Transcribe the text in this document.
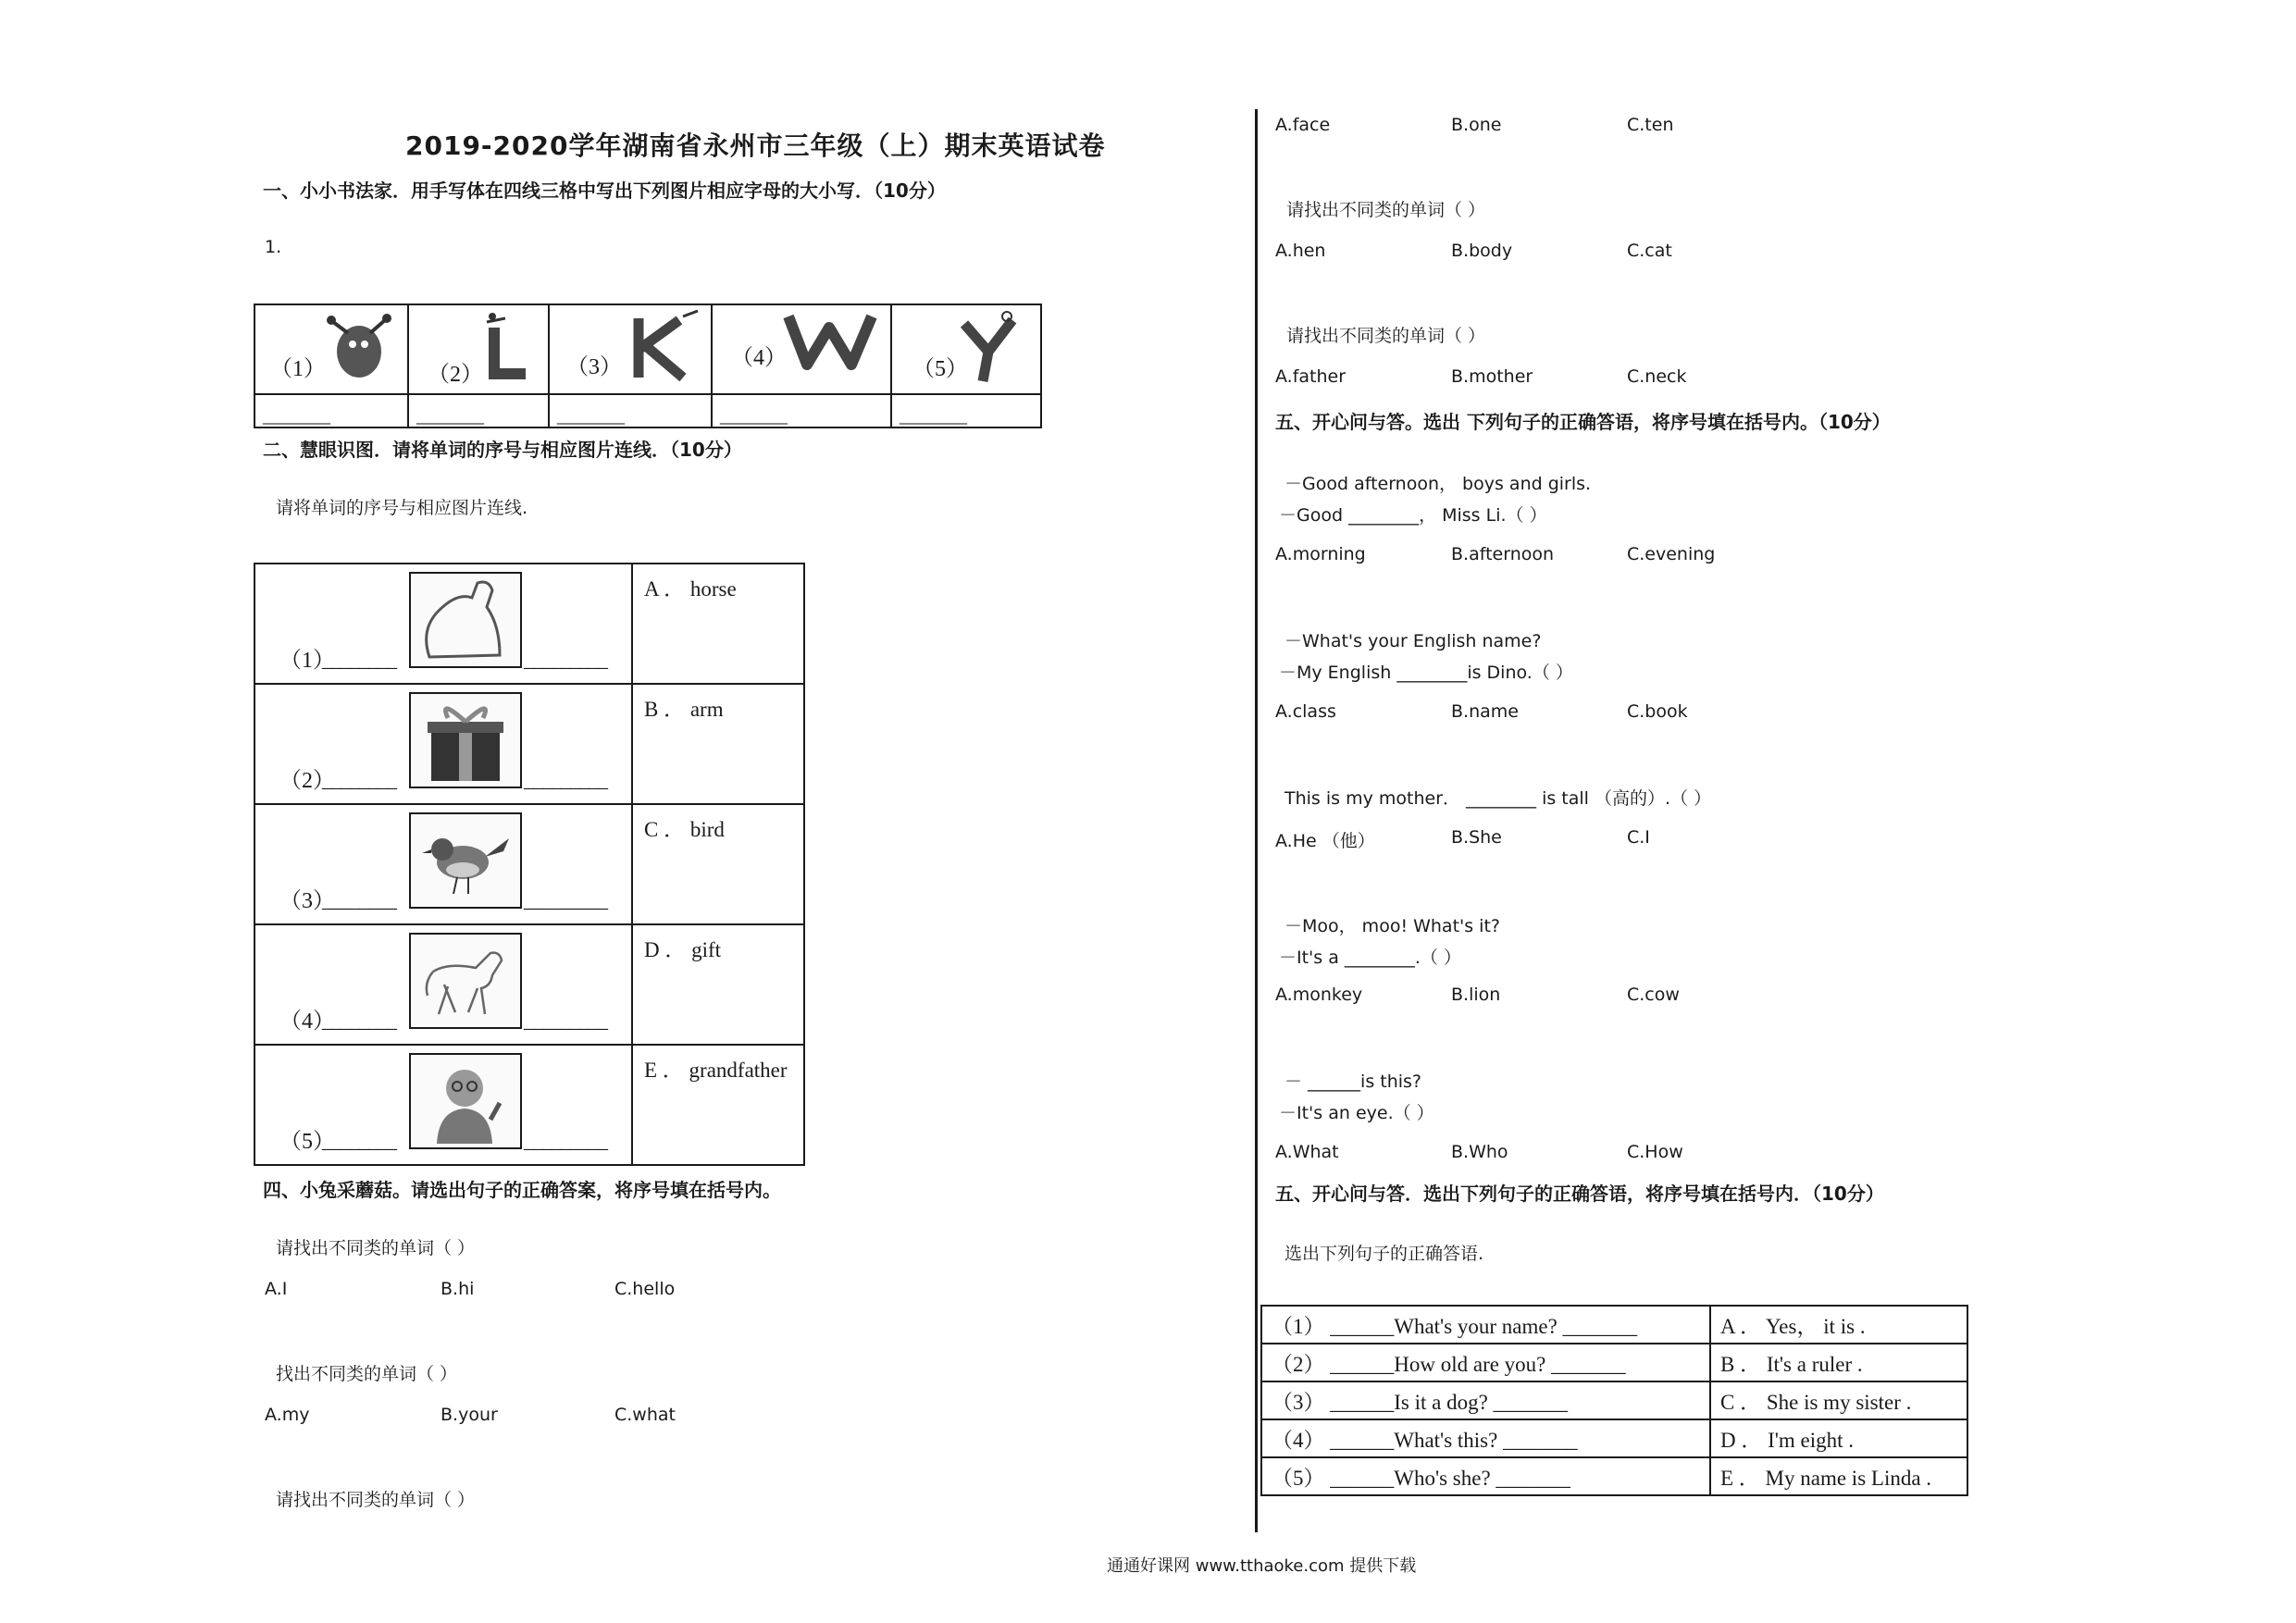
2019-2020学年湖南省永州市三年级（上）期末英语试卷
一、小小书法家．用手写体在四线三格中写出下列图片相应字母的大小写．（10分）
1.
（1）	（2）	（3）	（4）	（5）

________	________	________	________	________
二、慧眼识图．请将单词的序号与相应图片连线．（10分）
请将单词的序号与相应图片连线.
（1）
________ _________	A ． horse

（2）
________ _________	B ． arm

（3）
________ _________	C ． bird

（4）
________ _________	D ． gift

（5）
________ _________	E ． grandfather
四、小兔采蘑菇。请选出句子的正确答案，将序号填在括号内。
请找出不同类的单词（ ）
A.I	B.hi	C.hello
找出不同类的单词（ ）
A.my	B.your	C.what
请找出不同类的单词（ ）
A.face	B.one	C.ten
请找出不同类的单词（ ）
A.hen	B.body	C.cat
请找出不同类的单词（ ）
A.father	B.mother	C.neck
五、开心问与答。选出 下列句子的正确答语，将序号填在括号内。（10分）
－Good afternoon， boys and girls.
－Good ________， Miss Li.（ ）
A.morning	B.afternoon	C.evening
－What's your English name?
－My English ________is Dino.（ ）
A.class	B.name	C.book
This is my mother． ________ is tall （高的）.（ ）
A.He （他）	B.She	C.I
－Moo， moo! What's it?
－It's a ________.（ ）
A.monkey	B.lion	C.cow
－ ______is this?
－It's an eye.（ ）
A.What	B.Who	C.How
五、开心问与答．选出下列句子的正确答语，将序号填在括号内．（10分）
选出下列句子的正确答语.
（1） ______What's your name? _______	A ． Yes， it is .
（2） ______How old are you? _______	B ． It's a ruler .
（3） ______Is it a dog? _______	C ． She is my sister .
（4） ______What's this? _______	D ． I'm eight .
（5） ______Who's she? _______	E ． My name is Linda .
通通好课网 www.tthaoke.com 提供下载
